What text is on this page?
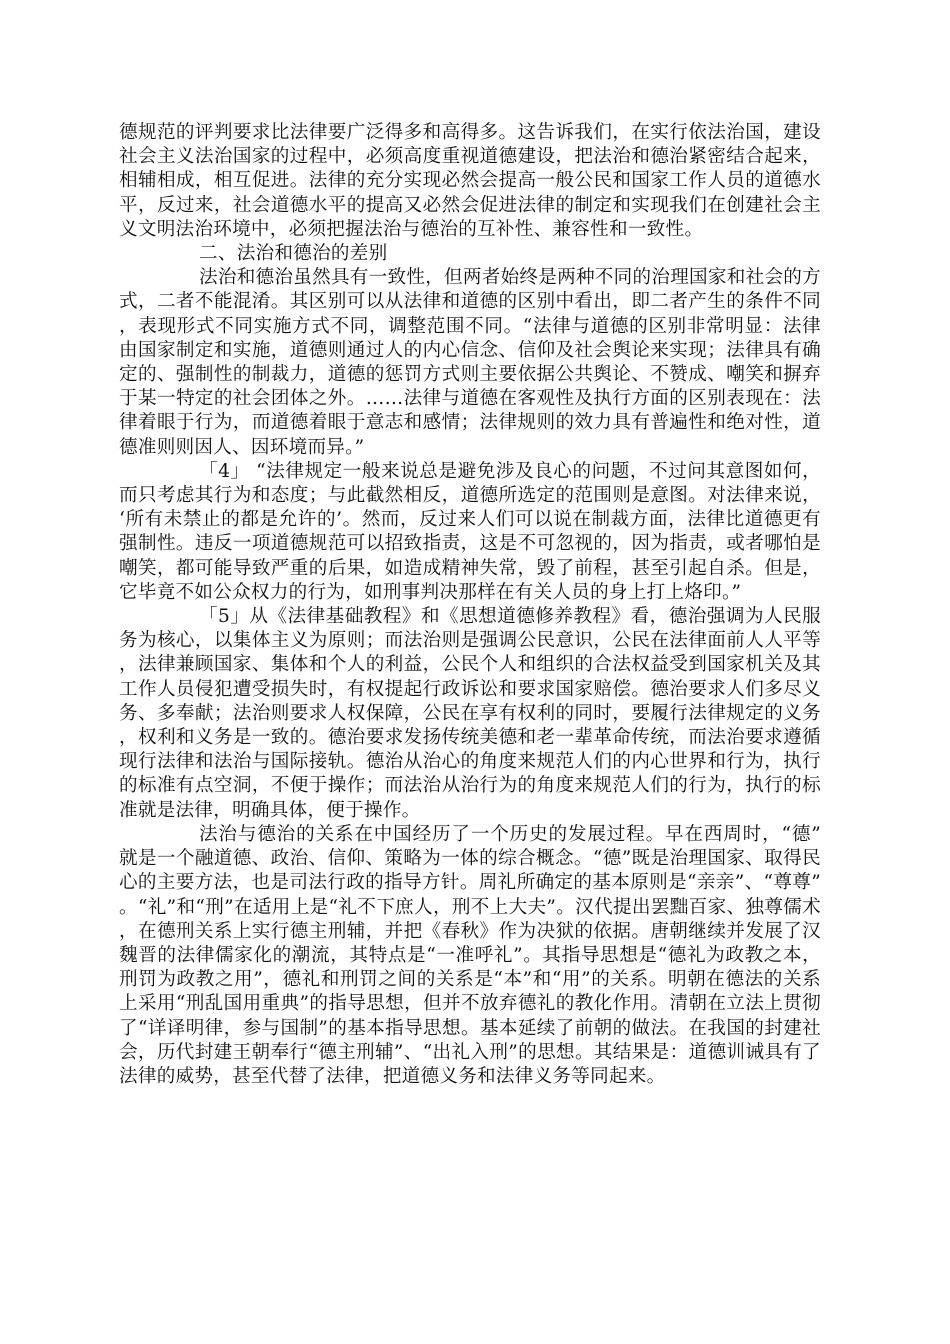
德规范的评判要求比法律要广泛得多和高得多。这告诉我们，在实行依法治国，建设社会主义法治国家的过程中，必须高度重视道德建设，把法治和德治紧密结合起来，相辅相成，相互促进。法律的充分实现必然会提高一般公民和国家工作人员的道德水平，反过来，社会道德水平的提高又必然会促进法律的制定和实现我们在创建社会主义文明法治环境中，必须把握法治与德治的互补性、兼容性和一致性。

二、法治和德治的差别

法治和德治虽然具有一致性，但两者始终是两种不同的治理国家和社会的方式，二者不能混淆。其区别可以从法律和道德的区别中看出，即二者产生的条件不同，表现形式不同实施方式不同，调整范围不同。“法律与道德的区别非常明显：法律由国家制定和实施，道德则通过人的内心信念、信仰及社会舆论来实现；法律具有确定的、强制性的制裁力，道德的惩罚方式则主要依据公共舆论、不赞成、嘲笑和摒弃于某一特定的社会团体之外。……法律与道德在客观性及执行方面的区别表现在：法律着眼于行为，而道德着眼于意志和感情；法律规则的效力具有普遍性和绝对性，道德准则则因人、因环境而异。”

「4」 “法律规定一般来说总是避免涉及良心的问题，不过问其意图如何，而只考虑其行为和态度；与此截然相反，道德所选定的范围则是意图。对法律来说，‘所有未禁止的都是允许的’。然而，反过来人们可以说在制裁方面，法律比道德更有强制性。违反一项道德规范可以招致指责，这是不可忽视的，因为指责，或者哪怕是嘲笑，都可能导致严重的后果，如造成精神失常，毁了前程，甚至引起自杀。但是，它毕竟不如公众权力的行为，如刑事判决那样在有关人员的身上打上烙印。”

「5」从《法律基础教程》和《思想道德修养教程》看，德治强调为人民服务为核心，以集体主义为原则；而法治则是强调公民意识，公民在法律面前人人平等，法律兼顾国家、集体和个人的利益，公民个人和组织的合法权益受到国家机关及其工作人员侵犯遭受损失时，有权提起行政诉讼和要求国家赔偿。德治要求人们多尽义务、多奉献；法治则要求人权保障，公民在享有权利的同时，要履行法律规定的义务，权利和义务是一致的。德治要求发扬传统美德和老一辈革命传统，而法治要求遵循现行法律和法治与国际接轨。德治从治心的角度来规范人们的内心世界和行为，执行的标准有点空洞，不便于操作；而法治从治行为的角度来规范人们的行为，执行的标准就是法律，明确具体，便于操作。

法治与德治的关系在中国经历了一个历史的发展过程。早在西周时，“德”就是一个融道德、政治、信仰、策略为一体的综合概念。“德”既是治理国家、取得民心的主要方法，也是司法行政的指导方针。周礼所确定的基本原则是“亲亲”、“尊尊”。“礼”和“刑”在适用上是“礼不下庶人，刑不上大夫”。汉代提出罢黜百家、独尊儒术，在德刑关系上实行德主刑辅，并把《春秋》作为决狱的依据。唐朝继续并发展了汉魏晋的法律儒家化的潮流，其特点是“一准呼礼”。其指导思想是“德礼为政教之本，刑罚为政教之用”，德礼和刑罚之间的关系是“本”和“用”的关系。明朝在德法的关系上采用“刑乱国用重典”的指导思想，但并不放弃德礼的教化作用。清朝在立法上贯彻了“详译明律，参与国制”的基本指导思想。基本延续了前朝的做法。在我国的封建社会，历代封建王朝奉行“德主刑辅”、“出礼入刑”的思想。其结果是：道德训诫具有了法律的威势，甚至代替了法律，把道德义务和法律义务等同起来。
